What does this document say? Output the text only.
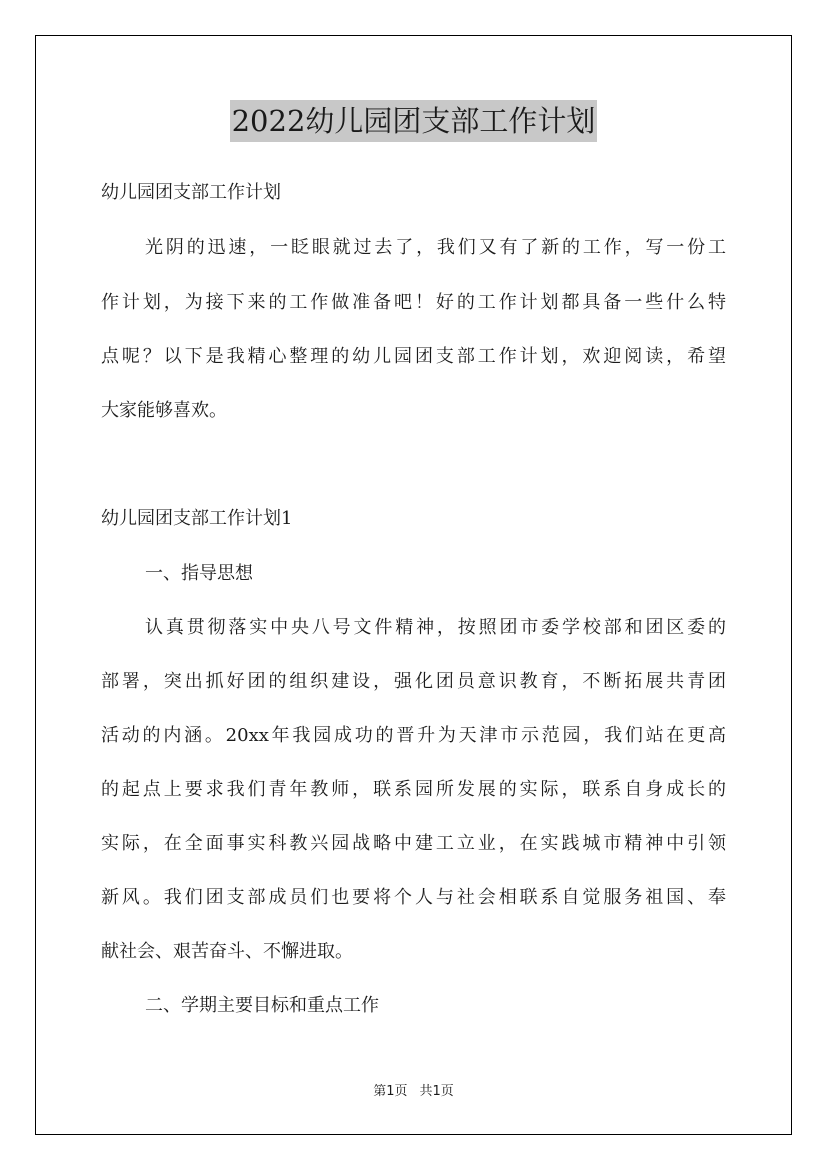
2022幼儿园团支部工作计划

幼儿园团支部工作计划

光阴的迅速，一眨眼就过去了，我们又有了新的工作，写一份工

作计划，为接下来的工作做准备吧！好的工作计划都具备一些什么特

点呢？以下是我精心整理的幼儿园团支部工作计划，欢迎阅读，希望

大家能够喜欢。

幼儿园团支部工作计划1

一、指导思想

认真贯彻落实中央八号文件精神，按照团市委学校部和团区委的

部署，突出抓好团的组织建设，强化团员意识教育，不断拓展共青团

活动的内涵。20xx年我园成功的晋升为天津市示范园，我们站在更高

的起点上要求我们青年教师，联系园所发展的实际，联系自身成长的

实际，在全面事实科教兴园战略中建工立业，在实践城市精神中引领

新风。我们团支部成员们也要将个人与社会相联系自觉服务祖国、奉

献社会、艰苦奋斗、不懈进取。

二、学期主要目标和重点工作

第1页 共1页
